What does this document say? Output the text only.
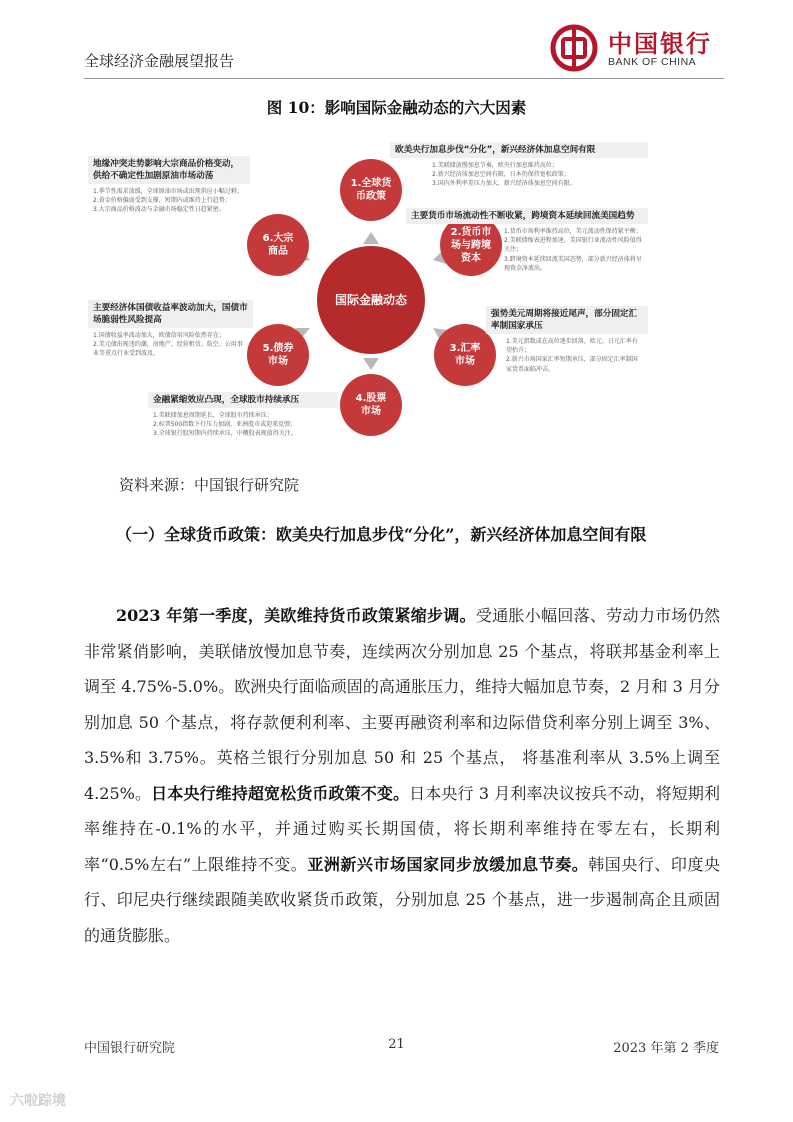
全球经济金融展望报告
中国银行
BANK OF CHINA
图 10：影响国际金融动态的六大因素
国际金融动态
1.全球货
币政策
2.货币市
场与跨境
资本
3.汇率
市场
4.股票
市场
5.债券
市场
6.大宗
商品
欧美央行加息步伐“分化”，新兴经济体加息空间有限
1.美联储放慢加息节奏，欧央行加息维持高位；
2.新兴经济体加息空间有限，日本仍保持宽松政策；
3.国内外利率差压力加大，新兴经济体加息空间有限。
主要货币市场流动性不断收紧，跨境资本延续回流美国趋势
1.货币市场利率维持高位，美元流动性保持紧平衡；
2.美联储缩表进程加速，美国银行业流动性风险值得关注；
3.跨境资本延续回流美国态势，部分新兴经济体将呈现资金净流出。
强势美元周期将接近尾声，部分固定汇率制国家承压
1.美元指数或在高位逐步回落，欧元、日元汇率有望抬升；
2.新兴市场国家汇率短期承压，部分固定汇率制国家货币面临冲击。
金融紧缩效应凸现，全球股市持续承压
1.美联储加息周期延长，全球股市持续承压；
2.标普500指数下行压力加剧，亚洲股市或迎来反弹；
3.全球银行股短期内持续承压，中概股表现值得关注。
主要经济体国债收益率波动加大，国债市场脆弱性风险提高
1.国债收益率波动加大，欧债信用风险依然存在；
2.美元债出现违约潮，房地产、经营租赁、航空、公用事业等重点行业受到波及。
地缘冲突走势影响大宗商品价格变动，供给不确定性加剧原油市场动荡
1.季节性需求放缓，全球原油市场或出现供应小幅过剩；
2.黄金价格偏弱受到支撑，短期内或维持上行趋势；
3.大宗商品价格波动与金融市场稳定性日趋紧密。
资料来源：中国银行研究院
（一）全球货币政策：欧美央行加息步伐“分化”，新兴经济体加息空间有限
2023 年第一季度，美欧维持货币政策紧缩步调。受通胀小幅回落、劳动力市场仍然非常紧俏影响，美联储放慢加息节奏，连续两次分别加息 25 个基点，将联邦基金利率上调至 4.75%-5.0%。欧洲央行面临顽固的高通胀压力，维持大幅加息节奏，2 月和 3 月分别加息 50 个基点，将存款便利利率、主要再融资利率和边际借贷利率分别上调至 3%、3.5%和 3.75%。英格兰银行分别加息 50 和 25 个基点， 将基准利率从 3.5%上调至 4.25%。日本央行维持超宽松货币政策不变。日本央行 3 月利率决议按兵不动，将短期利率维持在-0.1%的水平，并通过购买长期国债，将长期利率维持在零左右，长期利率“0.5%左右”上限维持不变。亚洲新兴市场国家同步放缓加息节奏。韩国央行、印度央行、印尼央行继续跟随美欧收紧货币政策，分别加息 25 个基点，进一步遏制高企且顽固的通货膨胀。
中国银行研究院	21	2023 年第 2 季度
六啦踪境
